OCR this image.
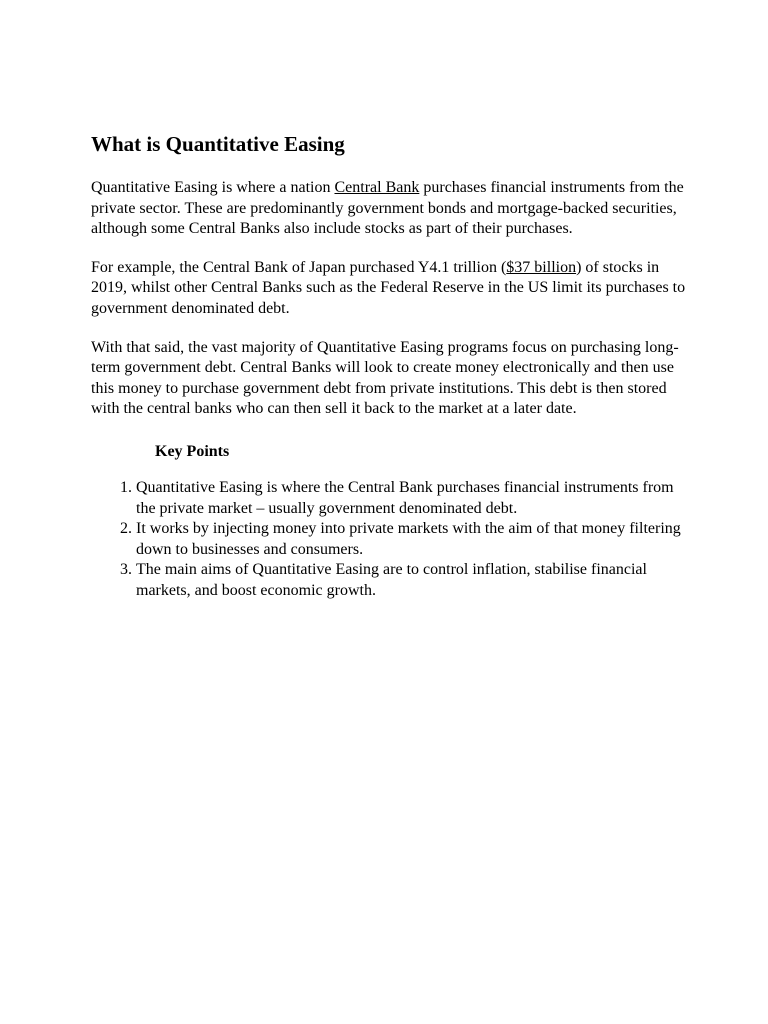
What is Quantitative Easing

Quantitative Easing is where a nation Central Bank purchases financial instruments from the private sector. These are predominantly government bonds and mortgage-backed securities, although some Central Banks also include stocks as part of their purchases.

For example, the Central Bank of Japan purchased Y4.1 trillion ($37 billion) of stocks in 2019, whilst other Central Banks such as the Federal Reserve in the US limit its purchases to government denominated debt.

With that said, the vast majority of Quantitative Easing programs focus on purchasing long-term government debt. Central Banks will look to create money electronically and then use this money to purchase government debt from private institutions. This debt is then stored with the central banks who can then sell it back to the market at a later date.

Key Points
1. Quantitative Easing is where the Central Bank purchases financial instruments from the private market – usually government denominated debt.
2. It works by injecting money into private markets with the aim of that money filtering down to businesses and consumers.
3. The main aims of Quantitative Easing are to control inflation, stabilise financial markets, and boost economic growth.
